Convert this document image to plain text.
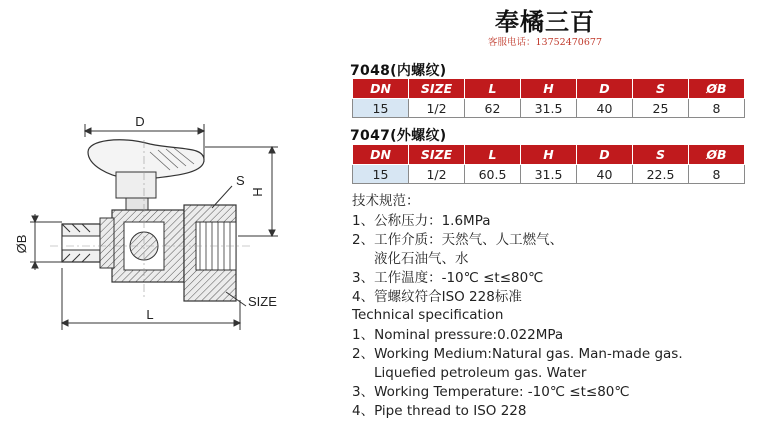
D
S
H
ØB
SIZE
L
奉橘三百
客服电话：13752470677
7048(内螺纹)
DN	SIZE	L	H	D	S	ØB
15	1/2	62	31.5	40	25	8
7047(外螺纹)
DN	SIZE	L	H	D	S	ØB
15	1/2	60.5	31.5	40	22.5	8
技术规范：
1、公称压力：1.6MPa
2、工作介质：天然气、人工燃气、
液化石油气、水
3、工作温度：-10℃ ≤t≤80℃
4、管螺纹符合ISO 228标准
Technical specification
1、Nominal pressure:0.022MPa
2、Working Medium:Natural gas. Man-made gas.
Liquefied petroleum gas. Water
3、Working Temperature: -10℃ ≤t≤80℃
4、Pipe thread to ISO 228
